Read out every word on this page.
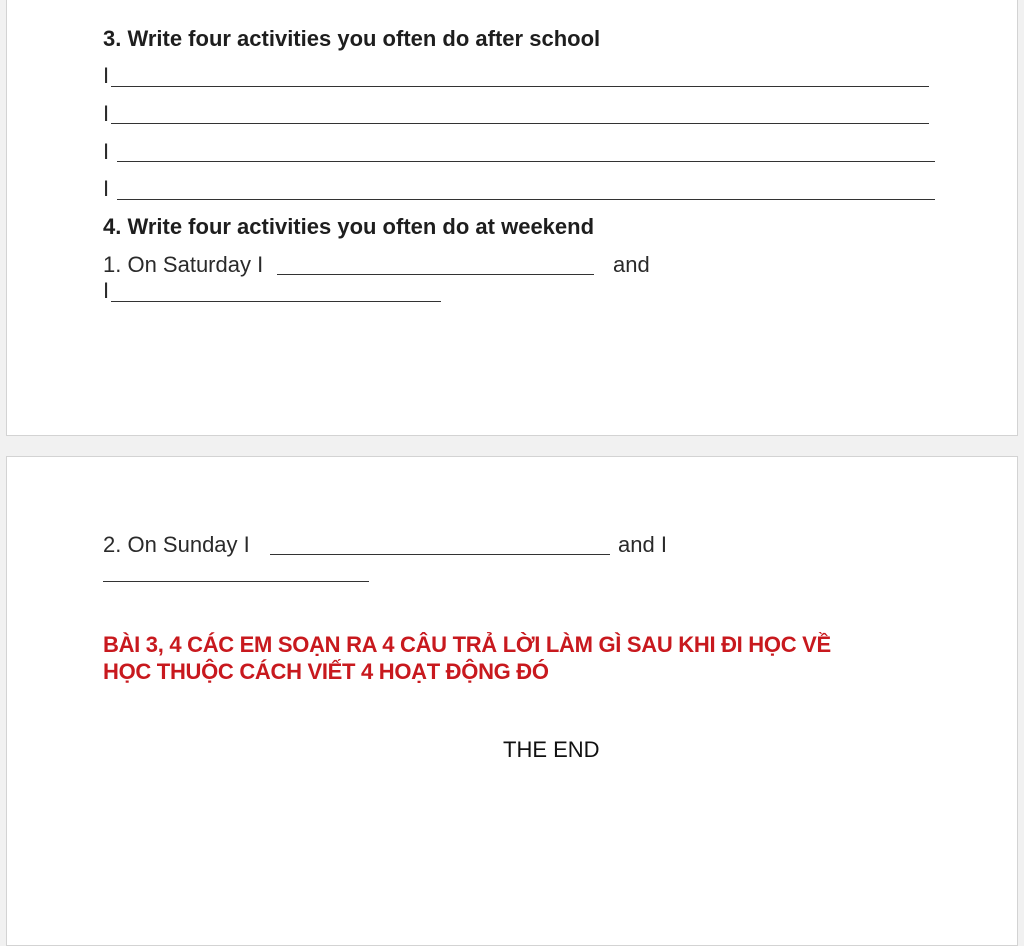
3. Write four activities you often do after school
I
I
I
I
4. Write four activities you often do at weekend
1. On Saturday I	and
I
2. On Sunday I	and I
BÀI 3, 4 CÁC EM SOẠN RA 4 CÂU TRẢ LỜI LÀM GÌ SAU KHI ĐI HỌC VỀ
HỌC THUỘC CÁCH VIẾT 4 HOẠT ĐỘNG ĐÓ
THE END
